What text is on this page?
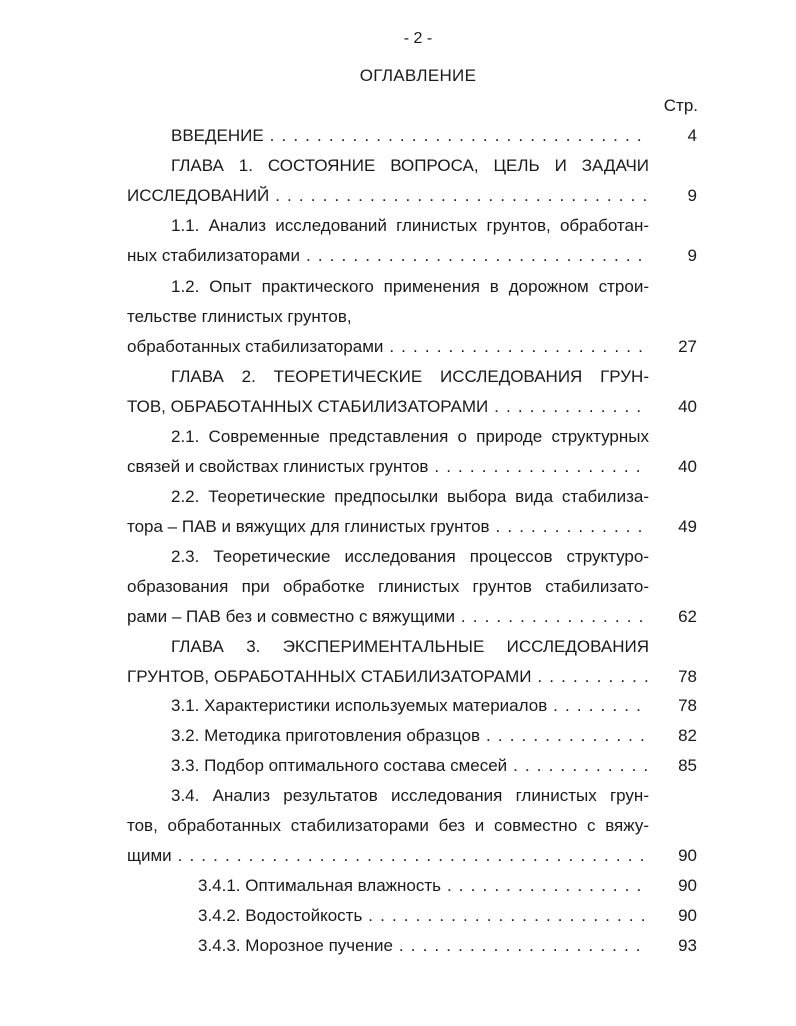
- 2 -
ОГЛАВЛЕНИЕ
Стр.
ВВЕДЕНИЕ . . .	4
ГЛАВА 1. СОСТОЯНИЕ ВОПРОСА, ЦЕЛЬ И ЗАДАЧИ
ИССЛЕДОВАНИЙ . . .	9
1.1. Анализ исследований глинистых грунтов, обработан-
ных стабилизаторами . . .	9
1.2. Опыт практического применения в дорожном строи-
тельстве глинистых грунтов,
обработанных стабилизаторами . . .	27
ГЛАВА 2. ТЕОРЕТИЧЕСКИЕ ИССЛЕДОВАНИЯ ГРУН-
ТОВ, ОБРАБОТАННЫХ СТАБИЛИЗАТОРАМИ . . .	40
2.1. Современные представления о природе структурных
связей и свойствах глинистых грунтов . . .	40
2.2. Теоретические предпосылки выбора вида стабилиза-
тора – ПАВ и вяжущих для глинистых грунтов . . .	49
2.3. Теоретические исследования процессов структуро-
образования при обработке глинистых грунтов стабилизато-
рами – ПАВ без и совместно с вяжущими . . .	62
ГЛАВА 3. ЭКСПЕРИМЕНТАЛЬНЫЕ ИССЛЕДОВАНИЯ
ГРУНТОВ, ОБРАБОТАННЫХ СТАБИЛИЗАТОРАМИ . . .	78
3.1. Характеристики используемых материалов . . .	78
3.2. Методика приготовления образцов . . .	82
3.3. Подбор оптимального состава смесей . . .	85
3.4. Анализ результатов исследования глинистых грун-
тов, обработанных стабилизаторами без и совместно с вяжу-
щими . . .	90
3.4.1. Оптимальная влажность . . .	90
3.4.2. Водостойкость . . .	90
3.4.3. Морозное пучение . . .	93
